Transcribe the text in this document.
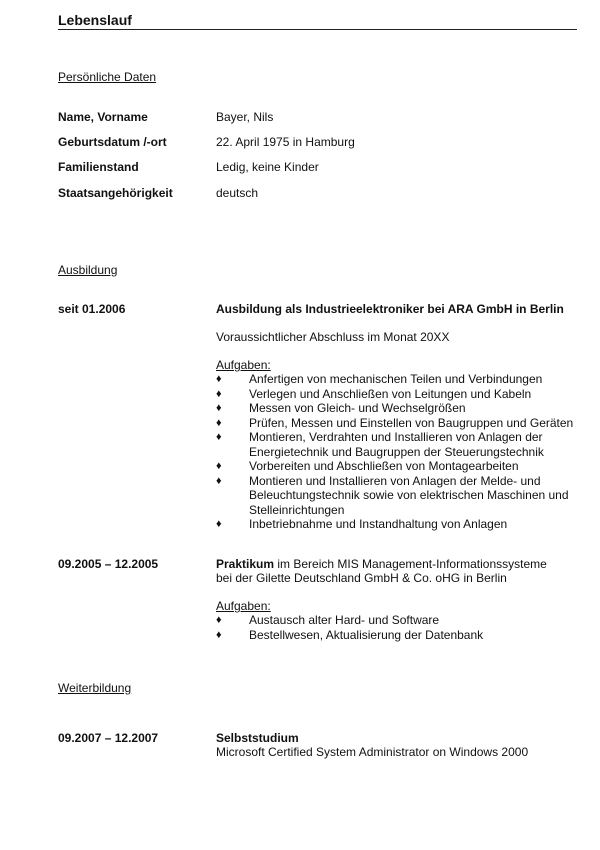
Lebenslauf
Persönliche Daten
Name, Vorname	Bayer, Nils
Geburtsdatum /-ort	22. April 1975 in Hamburg
Familienstand	Ledig, keine Kinder
Staatsangehörigkeit	deutsch
Ausbildung
seit 01.2006	Ausbildung als Industrieelektroniker bei ARA GmbH in Berlin

Voraussichtlicher Abschluss im Monat 20XX

Aufgaben:

♦ Anfertigen von mechanischen Teilen und Verbindungen
♦ Verlegen und Anschließen von Leitungen und Kabeln
♦ Messen von Gleich- und Wechselgrößen
♦ Prüfen, Messen und Einstellen von Baugruppen und Geräten
♦ Montieren, Verdrahten und Installieren von Anlagen der Energietechnik und Baugruppen der Steuerungstechnik
♦ Vorbereiten und Abschließen von Montagearbeiten
♦ Montieren und Installieren von Anlagen der Melde- und Beleuchtungstechnik sowie von elektrischen Maschinen und Stelleinrichtungen
♦ Inbetriebnahme und Instandhaltung von Anlagen
09.2005 – 12.2005	Praktikum im Bereich MIS Management-Informationssysteme

bei der Gilette Deutschland GmbH & Co. oHG in Berlin

Aufgaben:

♦ Austausch alter Hard- und Software
♦ Bestellwesen, Aktualisierung der Datenbank
Weiterbildung
09.2007 – 12.2007	Selbststudium

Microsoft Certified System Administrator on Windows 2000
